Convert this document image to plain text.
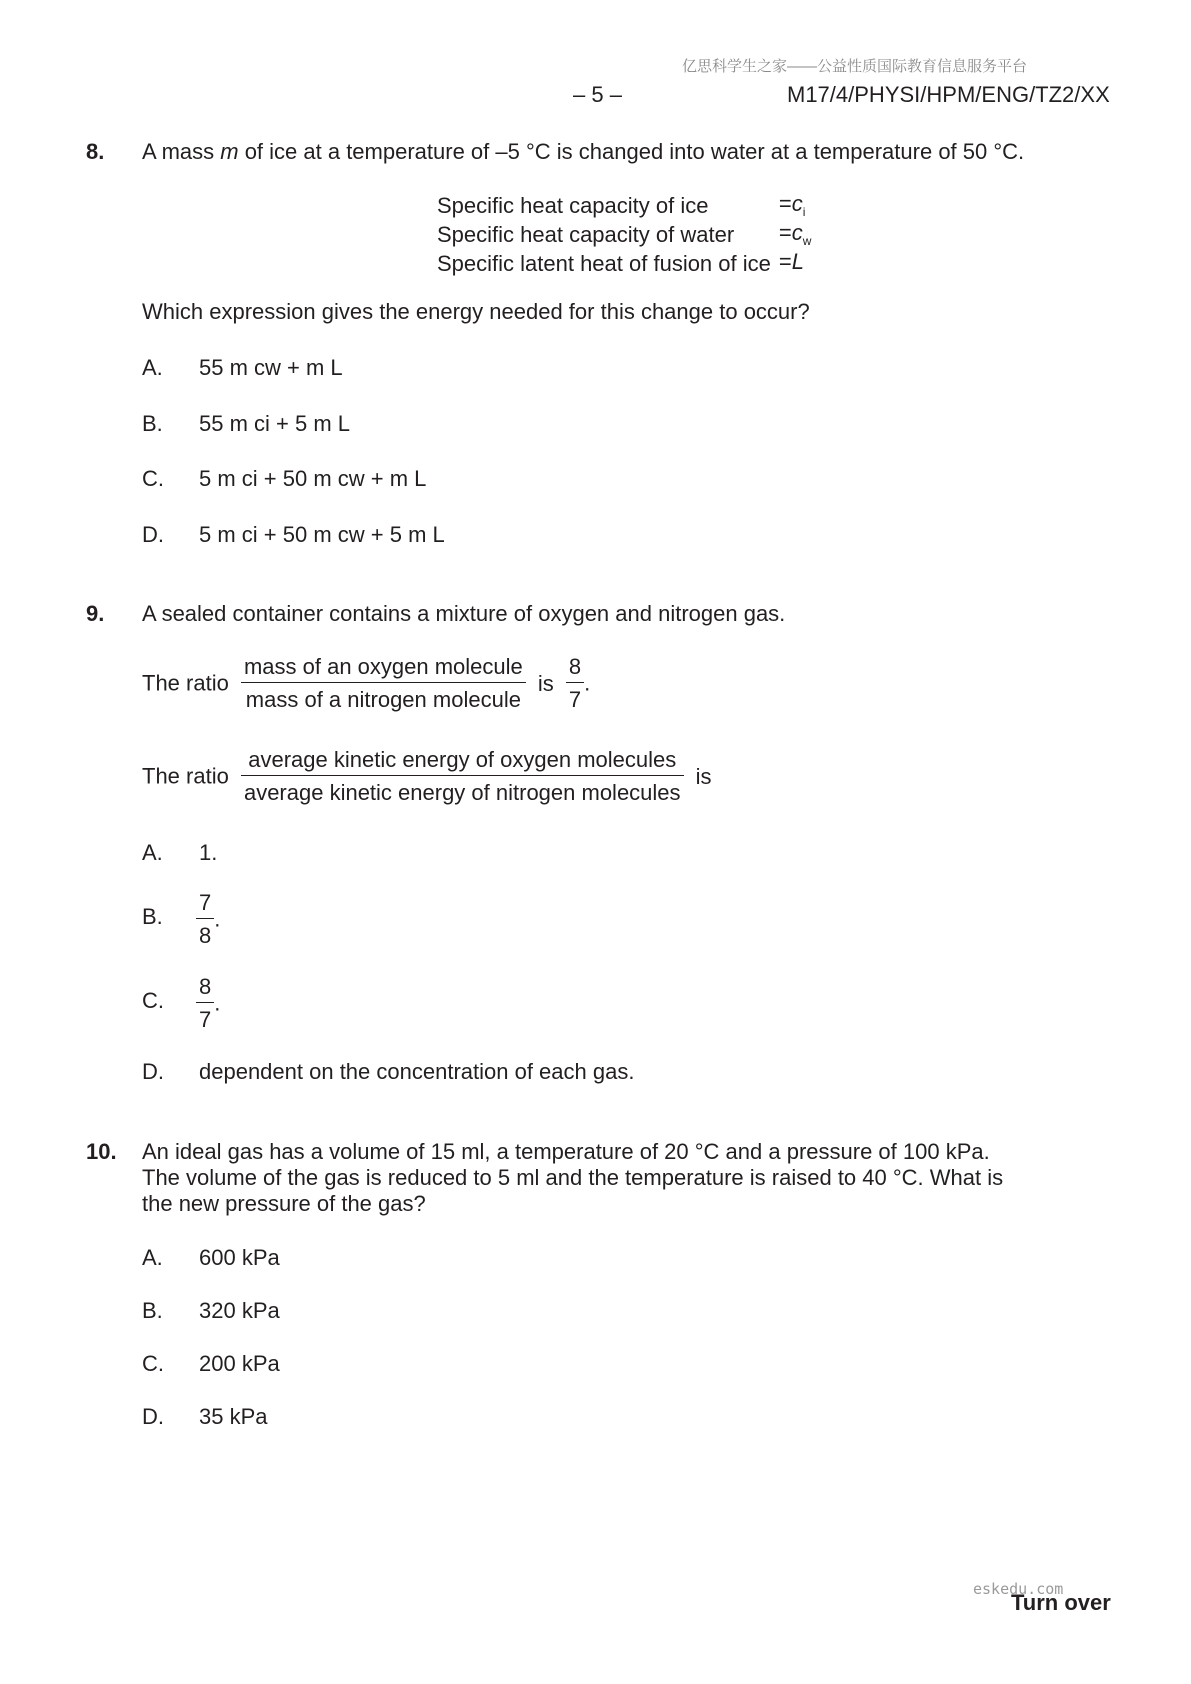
亿思科学生之家——公益性质国际教育信息服务平台
– 5 –	M17/4/PHYSI/HPM/ENG/TZ2/XX
8. A mass m of ice at a temperature of –5 °C is changed into water at a temperature of 50 °C.
Specific heat capacity of ice	$=c_i$
Specific heat capacity of water	$=c_w$
Specific latent heat of fusion of ice	=L
Which expression gives the energy needed for this change to occur?
A. 55 m cw + m L
B. 55 m ci + 5 m L
C. 5 m ci + 50 m cw + m L
D. 5 m ci + 50 m cw + 5 m L
9. A sealed container contains a mixture of oxygen and nitrogen gas.
The ratio $\frac{\text{mass of an oxygen molecule}}{\text{mass of a nitrogen molecule}}$ is $\frac{8}{7}$ .
The ratio $\frac{\text{average kinetic energy of oxygen molecules}}{\text{average kinetic energy of nitrogen molecules}}$ is
A. 1.
B. $\frac{7}{8}$ .
C. $\frac{8}{7}$ .
D. dependent on the concentration of each gas.
10. An ideal gas has a volume of 15 ml, a temperature of 20 °C and a pressure of 100 kPa.
The volume of the gas is reduced to 5 ml and the temperature is raised to 40 °C. What is
the new pressure of the gas?
A. 600 kPa
B. 320 kPa
C. 200 kPa
D. 35 kPa
eskedu.com
Turn over
